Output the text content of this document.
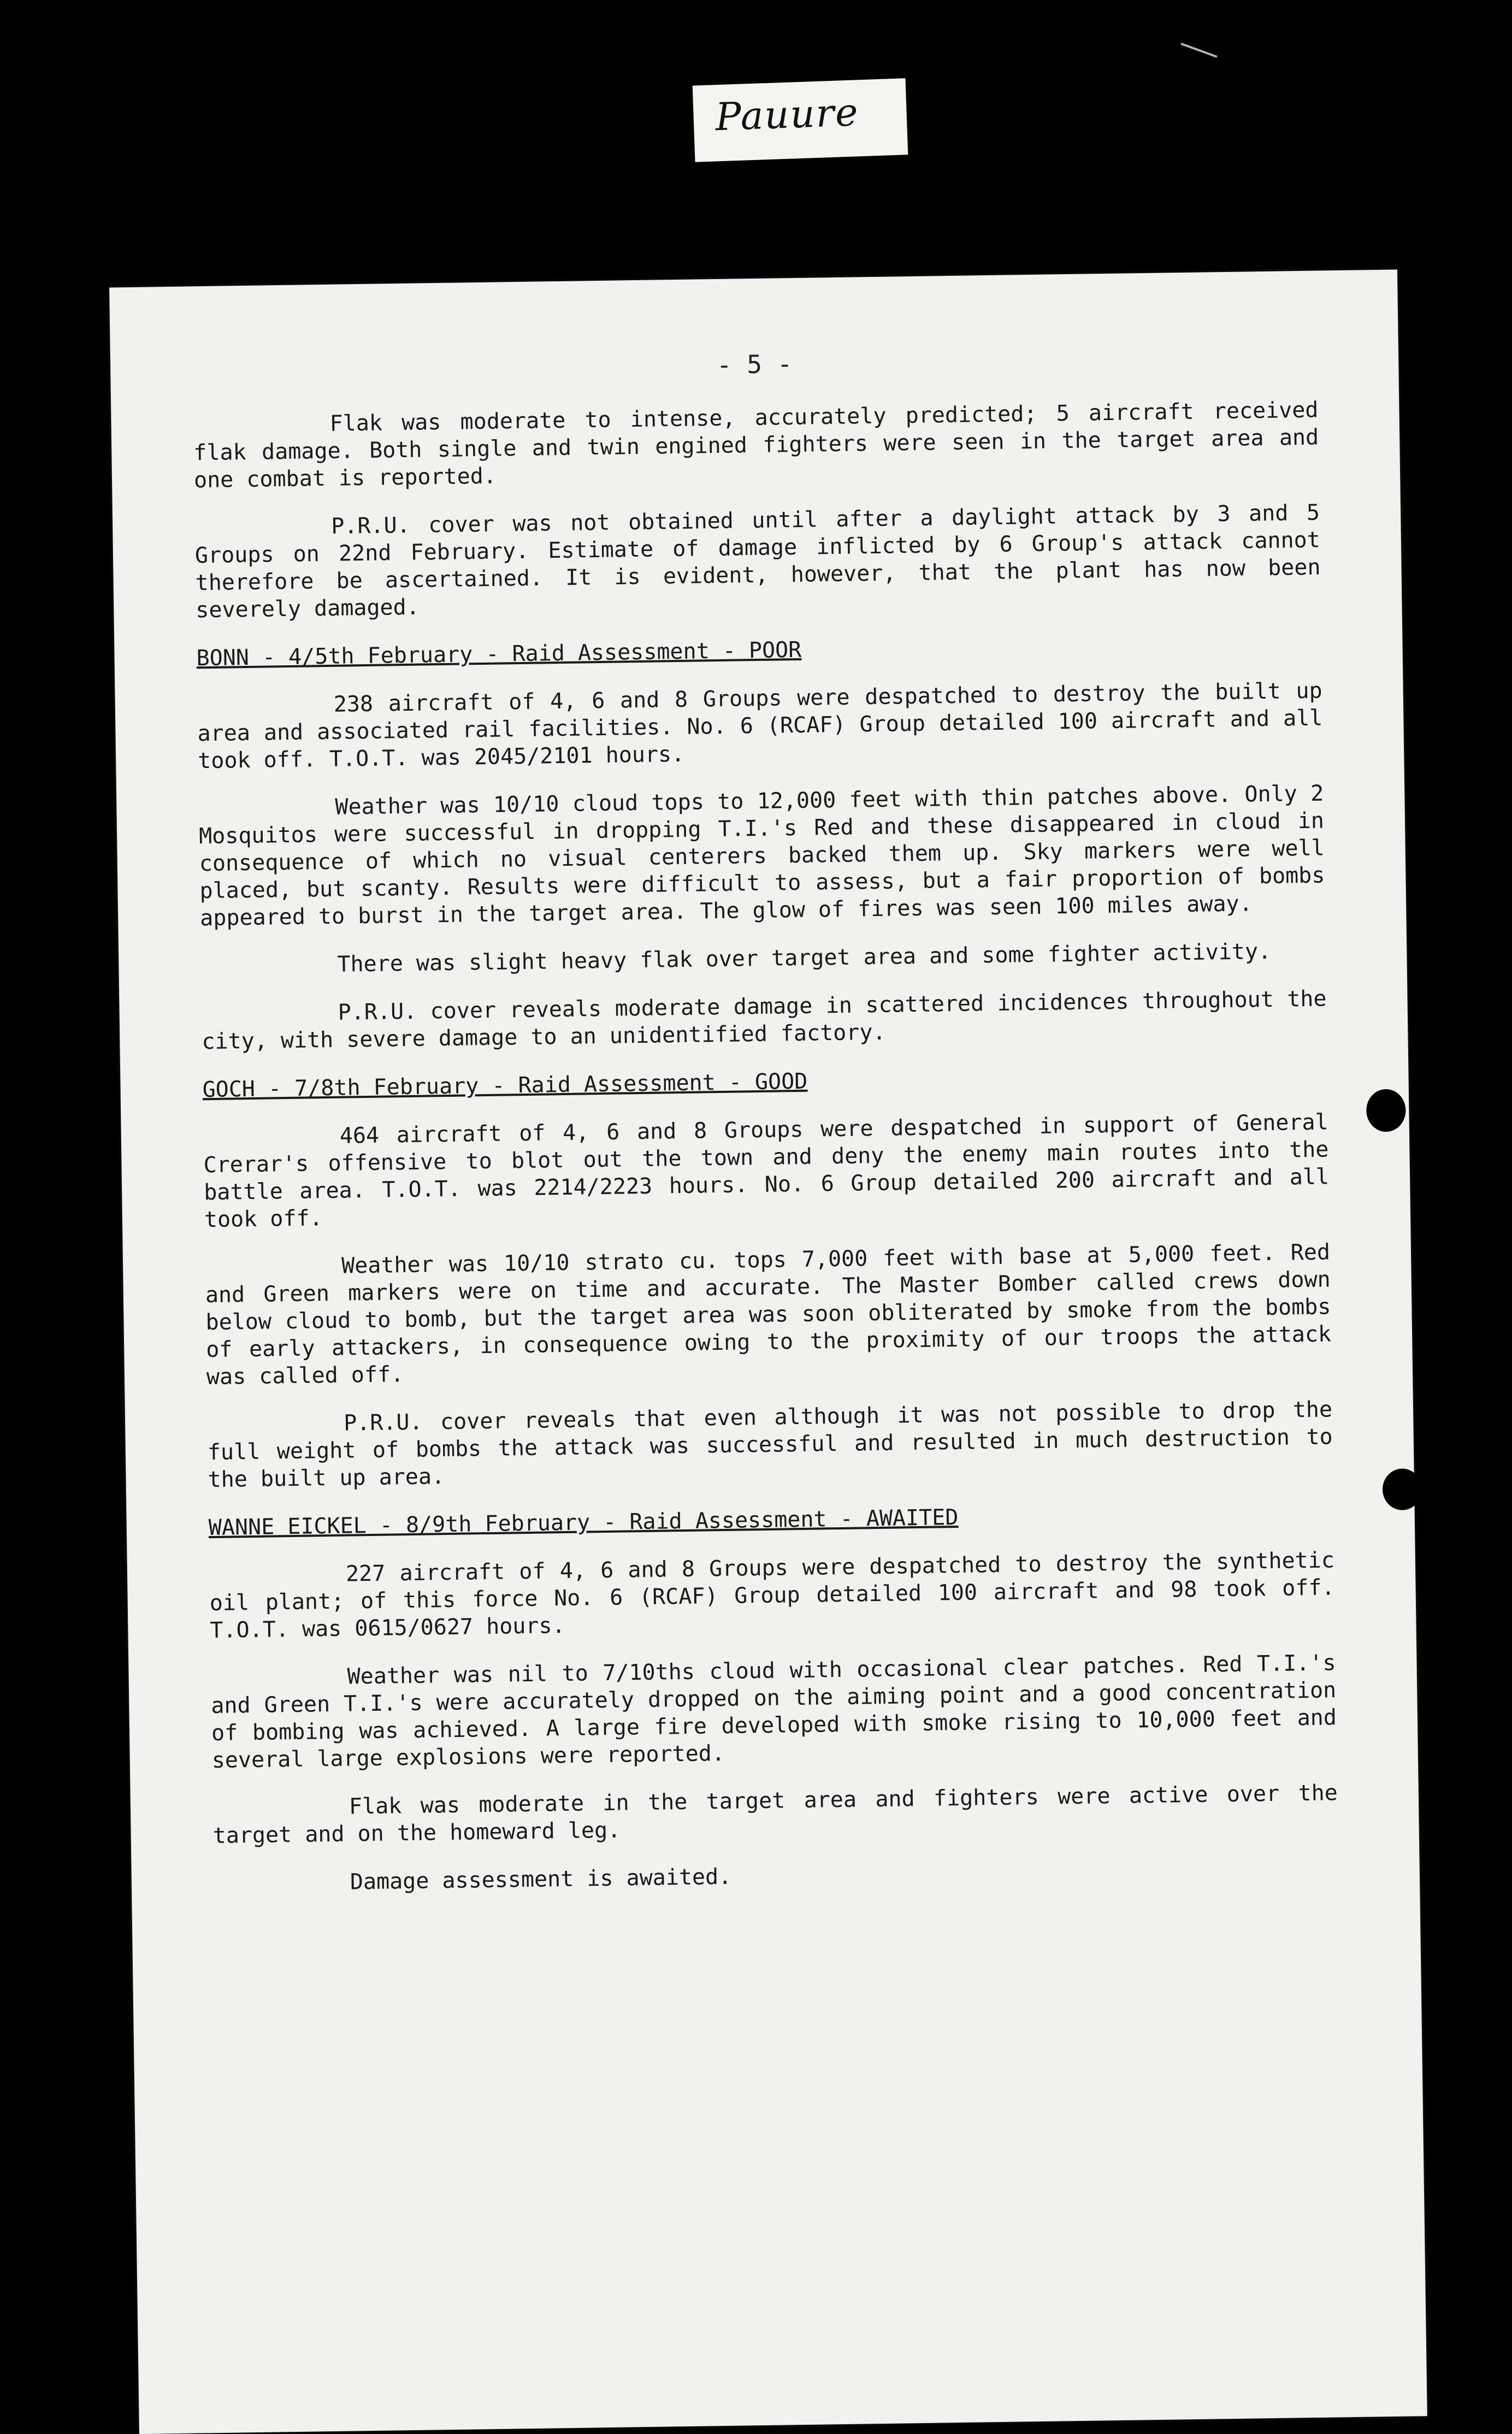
Pauure
- 5 -

Flak was moderate to intense, accurately predicted; 5 aircraft received flak damage. Both single and twin engined fighters were seen in the target area and one combat is reported.

P.R.U. cover was not obtained until after a daylight attack by 3 and 5 Groups on 22nd February. Estimate of damage inflicted by 6 Group's attack cannot therefore be ascertained. It is evident, however, that the plant has now been severely damaged.

BONN - 4/5th February - Raid Assessment - POOR

238 aircraft of 4, 6 and 8 Groups were despatched to destroy the built up area and associated rail facilities. No. 6 (RCAF) Group detailed 100 aircraft and all took off. T.O.T. was 2045/2101 hours.

Weather was 10/10 cloud tops to 12,000 feet with thin patches above. Only 2 Mosquitos were successful in dropping T.I.'s Red and these disappeared in cloud in consequence of which no visual centerers backed them up. Sky markers were well placed, but scanty. Results were difficult to assess, but a fair proportion of bombs appeared to burst in the target area. The glow of fires was seen 100 miles away.

There was slight heavy flak over target area and some fighter activity.

P.R.U. cover reveals moderate damage in scattered incidences throughout the city, with severe damage to an unidentified factory.

GOCH - 7/8th February - Raid Assessment - GOOD

464 aircraft of 4, 6 and 8 Groups were despatched in support of General Crerar's offensive to blot out the town and deny the enemy main routes into the battle area. T.O.T. was 2214/2223 hours. No. 6 Group detailed 200 aircraft and all took off.

Weather was 10/10 strato cu. tops 7,000 feet with base at 5,000 feet. Red and Green markers were on time and accurate. The Master Bomber called crews down below cloud to bomb, but the target area was soon obliterated by smoke from the bombs of early attackers, in consequence owing to the proximity of our troops the attack was called off.

P.R.U. cover reveals that even although it was not possible to drop the full weight of bombs the attack was successful and resulted in much destruction to the built up area.

WANNE EICKEL - 8/9th February - Raid Assessment - AWAITED

227 aircraft of 4, 6 and 8 Groups were despatched to destroy the synthetic oil plant; of this force No. 6 (RCAF) Group detailed 100 aircraft and 98 took off. T.O.T. was 0615/0627 hours.

Weather was nil to 7/10ths cloud with occasional clear patches. Red T.I.'s and Green T.I.'s were accurately dropped on the aiming point and a good concentration of bombing was achieved. A large fire developed with smoke rising to 10,000 feet and several large explosions were reported.

Flak was moderate in the target area and fighters were active over the target and on the homeward leg.

Damage assessment is awaited.
